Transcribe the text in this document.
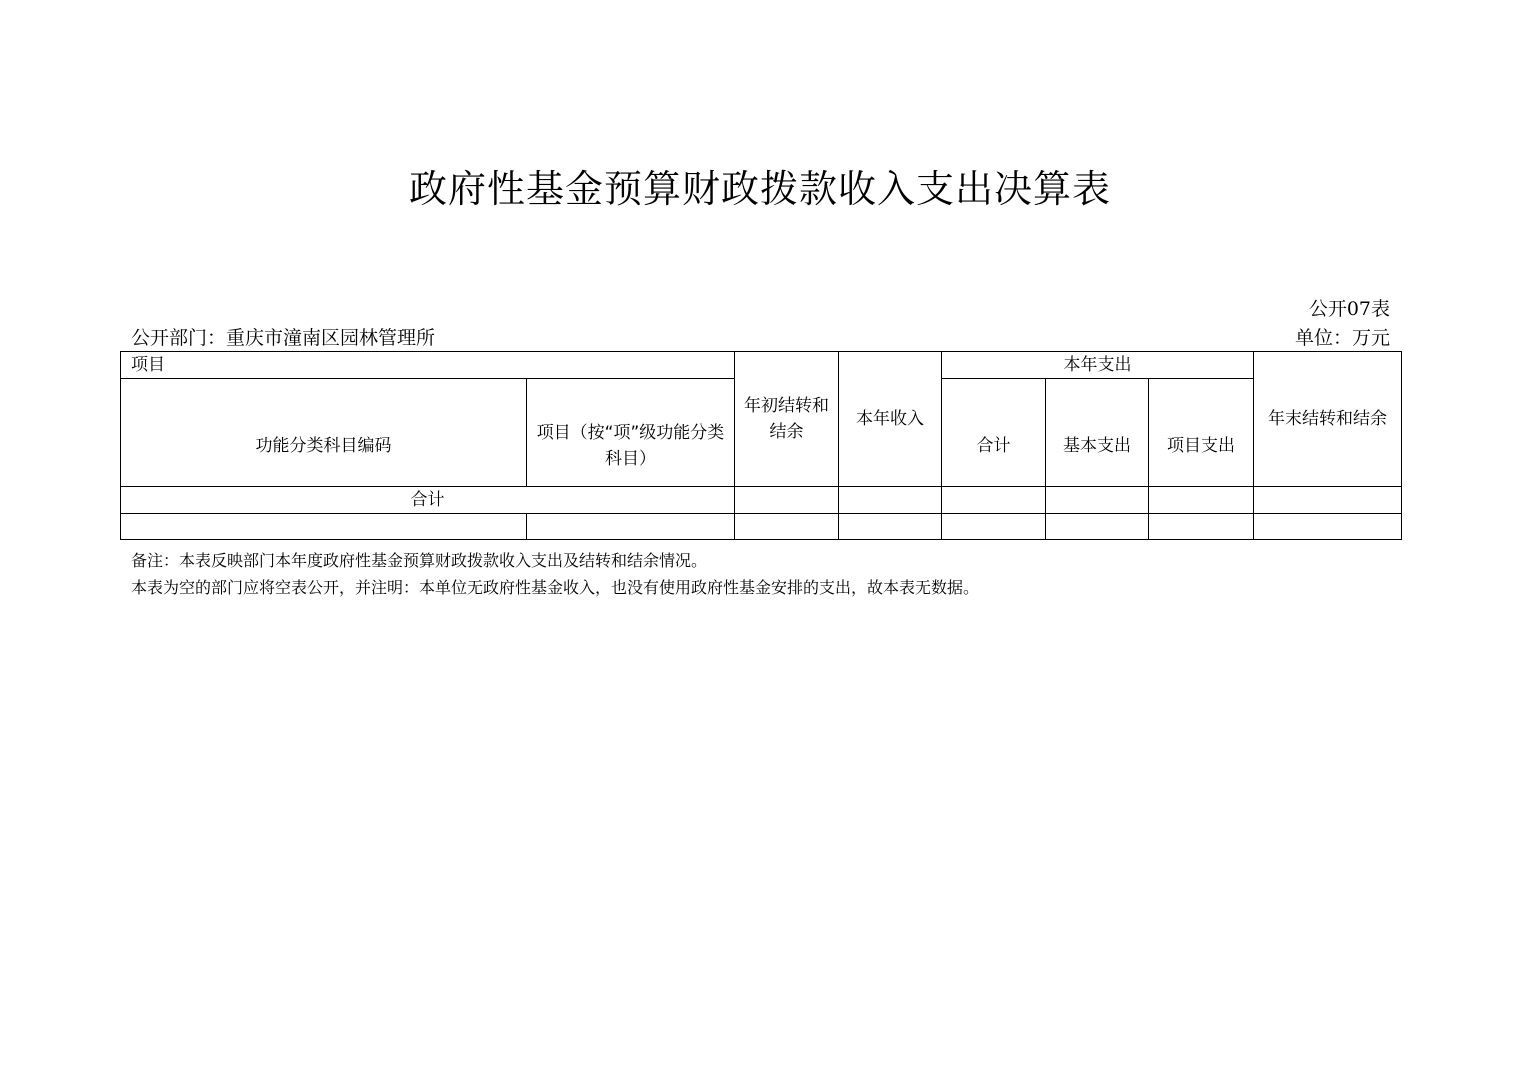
政府性基金预算财政拨款收入支出决算表
公开07表
公开部门：重庆市潼南区园林管理所	单位：万元
项目		年初结转和结余	本年收入	本年支出			年末结转和结余
功能分类科目编码	项目（按“项”级功能分类科目）			合计	基本支出	项目支出	
合计							

备注：本表反映部门本年度政府性基金预算财政拨款收入支出及结转和结余情况。
本表为空的部门应将空表公开，并注明：本单位无政府性基金收入，也没有使用政府性基金安排的支出，故本表无数据。
